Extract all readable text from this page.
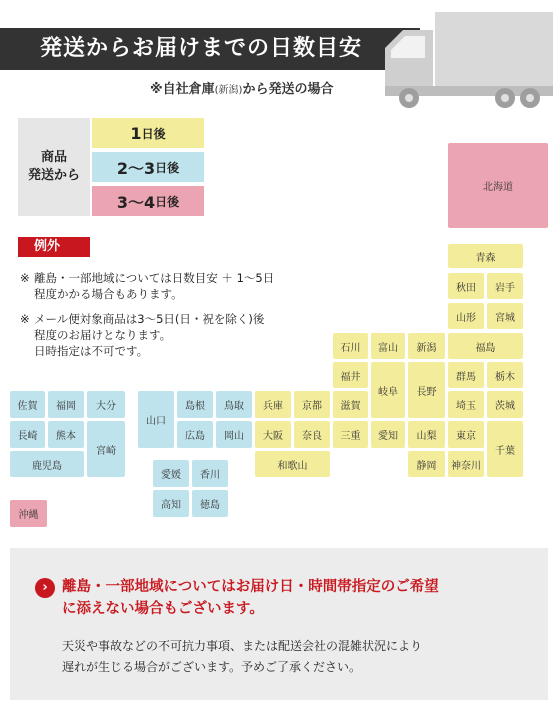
発送からお届けまでの日数目安
※自社倉庫(新潟)から発送の場合
商品
発送から
1 日後
2～3 日後
3～4 日後
例外
※ 離島・一部地域については日数目安 ＋ 1～5日
程度かかる場合もあります。
※ メール便対象商品は3～5日(日・祝を除く)後
程度のお届けとなります。
日時指定は不可です。
北海道
青森
秋田	岩手
山形	宮城
福島
新潟
富山
石川
福井
岐阜	長野
群馬	栃木
埼玉	茨城
山梨	東京
千葉
静岡	神奈川
愛知
滋賀
三重
京都
兵庫
大阪	奈良
和歌山
鳥取
島根
岡山
広島
山口
香川
愛媛
徳島
高知
福岡
佐賀	大分
長崎	熊本
宮崎
鹿児島
沖縄
› 離島・一部地域についてはお届け日・時間帯指定のご希望
に添えない場合もございます。
天災や事故などの不可抗力事項、または配送会社の混雑状況により
遅れが生じる場合がございます。予めご了承ください。
